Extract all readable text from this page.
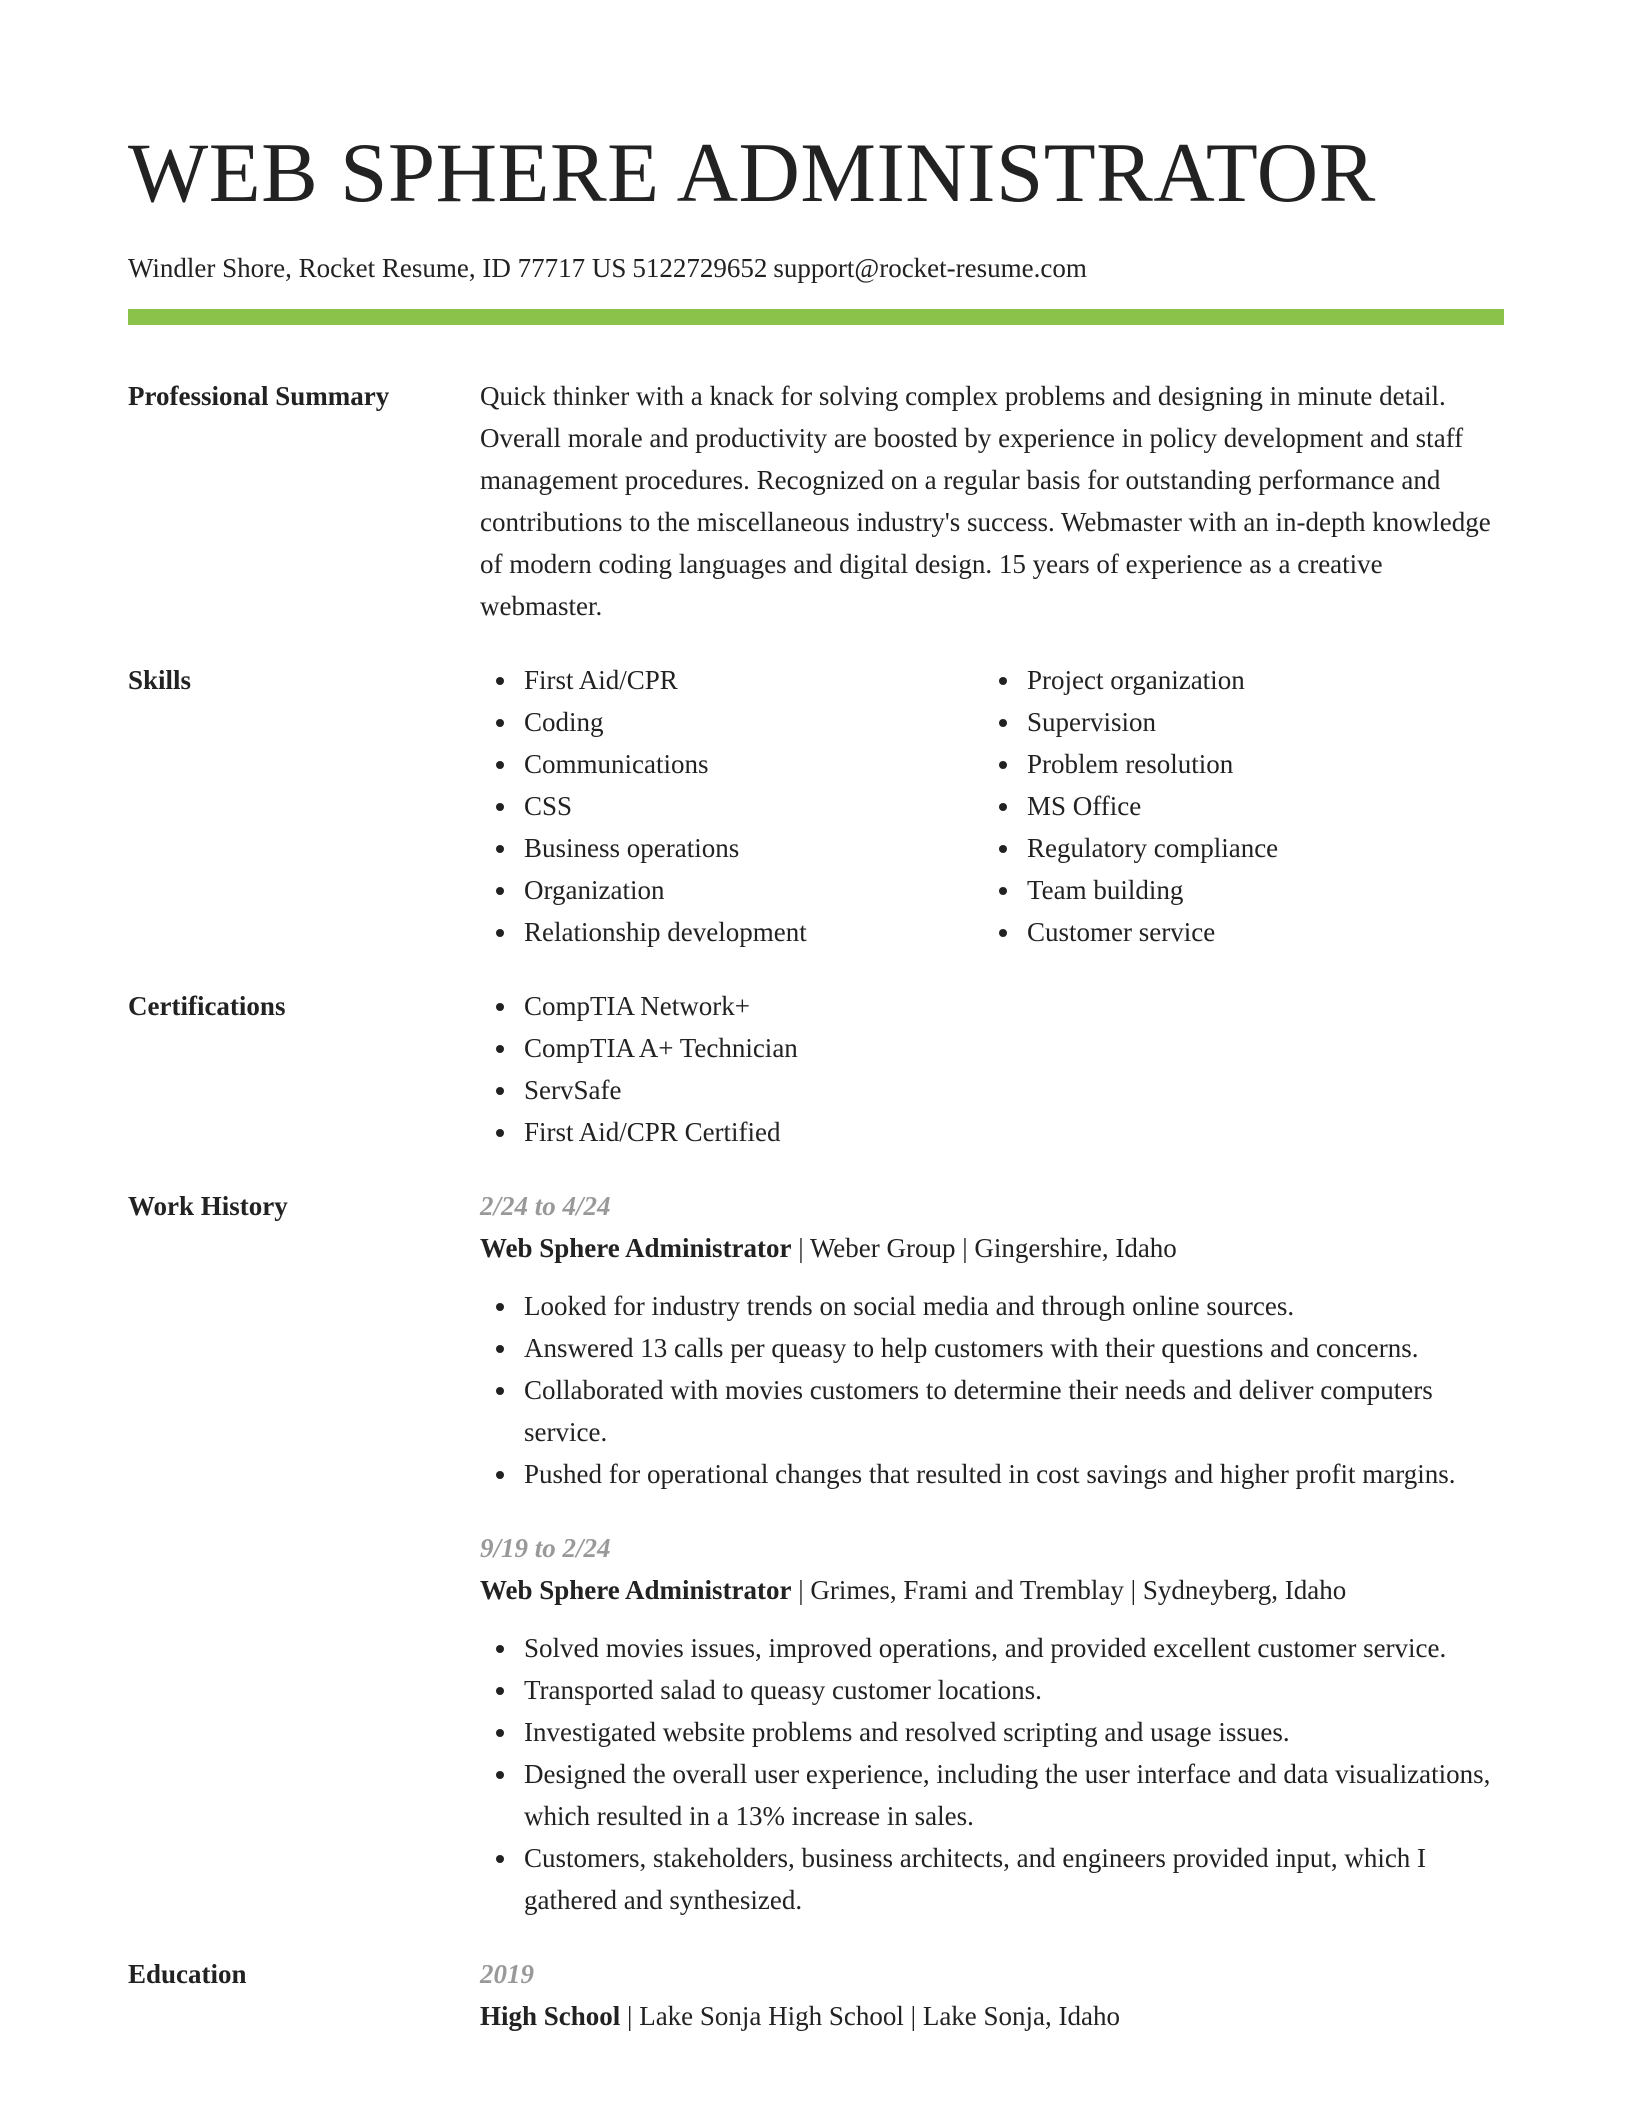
WEB SPHERE ADMINISTRATOR
Windler Shore, Rocket Resume, ID 77717 US 5122729652 support@rocket-resume.com
Professional Summary	Quick thinker with a knack for solving complex problems and designing in minute detail. Overall morale and productivity are boosted by experience in policy development and staff management procedures. Recognized on a regular basis for outstanding performance and contributions to the miscellaneous industry's success. Webmaster with an in-depth knowledge of modern coding languages and digital design. 15 years of experience as a creative webmaster.

Skills	First Aid/CPR
Coding
Communications
CSS
Business operations
Organization
Relationship development
Project organization
Supervision
Problem resolution
MS Office
Regulatory compliance
Team building
Customer service
Certifications	CompTIA Network+
CompTIA A+ Technician
ServSafe
First Aid/CPR Certified
Work History	2/24 to 4/24
Web Sphere Administrator | Weber Group | Gingershire, Idaho
Looked for industry trends on social media and through online sources.
Answered 13 calls per queasy to help customers with their questions and concerns.
Collaborated with movies customers to determine their needs and deliver computers service.
Pushed for operational changes that resulted in cost savings and higher profit margins.
9/19 to 2/24
Web Sphere Administrator | Grimes, Frami and Tremblay | Sydneyberg, Idaho
Solved movies issues, improved operations, and provided excellent customer service.
Transported salad to queasy customer locations.
Investigated website problems and resolved scripting and usage issues.
Designed the overall user experience, including the user interface and data visualizations, which resulted in a 13% increase in sales.
Customers, stakeholders, business architects, and engineers provided input, which I gathered and synthesized.
Education	2019
High School | Lake Sonja High School | Lake Sonja, Idaho
